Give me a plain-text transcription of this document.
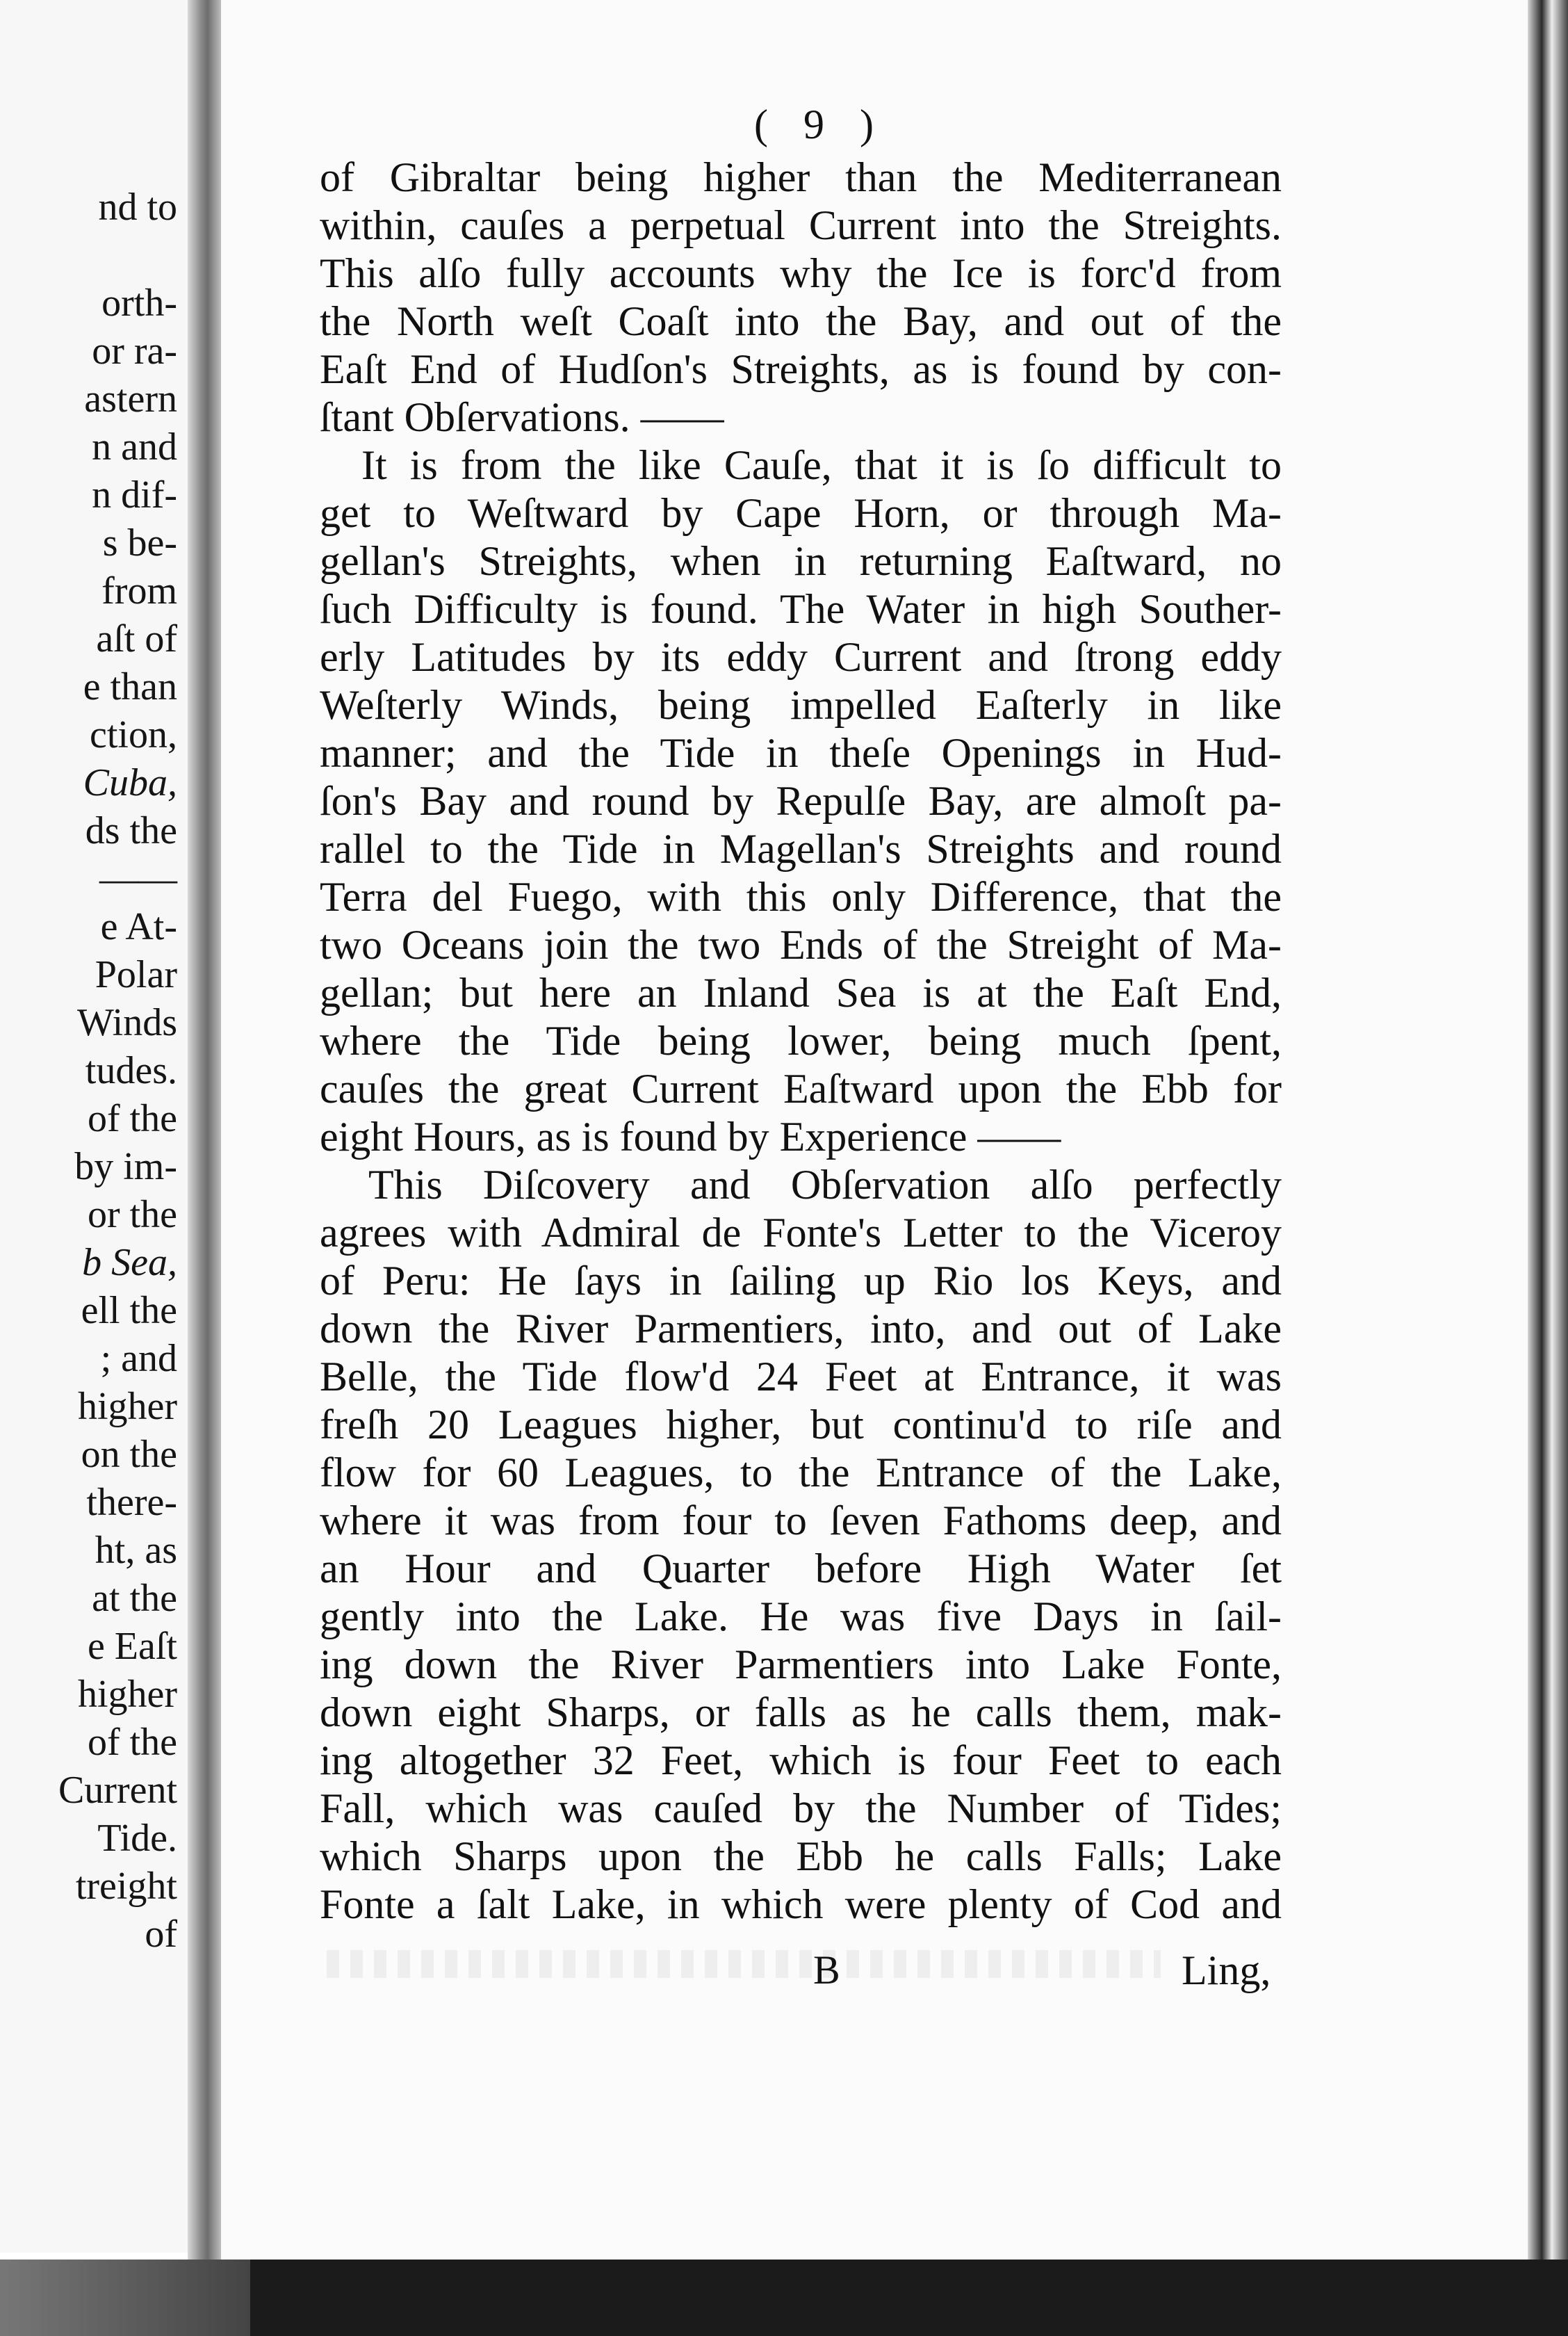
nd to
orth-
or ra-
astern
n and
n dif-
s be-
from
aſt of
e than
ction,
Cuba,
ds the
——
e At-
Polar
Winds
tudes.
of the
by im-
or the
b Sea,
ell the
; and
higher
on the
there-
ht, as
at the
e Eaſt
higher
of the
Current
Tide.
treight
of
( 9 )
of Gibraltar being higher than the Mediterranean
within, cauſes a perpetual Current into the Streights.
This alſo fully accounts why the Ice is forc'd from
the North weſt Coaſt into the Bay, and out of the
Eaſt End of Hudſon's Streights, as is found by con-
ſtant Obſervations. ——
It is from the like Cauſe, that it is ſo difficult to
get to Weſtward by Cape Horn, or through Ma-
gellan's Streights, when in returning Eaſtward, no
ſuch Difficulty is found. The Water in high Souther-
erly Latitudes by its eddy Current and ſtrong eddy
Weſterly Winds, being impelled Eaſterly in like
manner; and the Tide in theſe Openings in Hud-
ſon's Bay and round by Repulſe Bay, are almoſt pa-
rallel to the Tide in Magellan's Streights and round
Terra del Fuego, with this only Difference, that the
two Oceans join the two Ends of the Streight of Ma-
gellan; but here an Inland Sea is at the Eaſt End,
where the Tide being lower, being much ſpent,
cauſes the great Current Eaſtward upon the Ebb for
eight Hours, as is found by Experience ——
This Diſcovery and Obſervation alſo perfectly
agrees with Admiral de Fonte's Letter to the Viceroy
of Peru: He ſays in ſailing up Rio los Keys, and
down the River Parmentiers, into, and out of Lake
Belle, the Tide flow'd 24 Feet at Entrance, it was
freſh 20 Leagues higher, but continu'd to riſe and
flow for 60 Leagues, to the Entrance of the Lake,
where it was from four to ſeven Fathoms deep, and
an Hour and Quarter before High Water ſet
gently into the Lake. He was five Days in ſail-
ing down the River Parmentiers into Lake Fonte,
down eight Sharps, or falls as he calls them, mak-
ing altogether 32 Feet, which is four Feet to each
Fall, which was cauſed by the Number of Tides;
which Sharps upon the Ebb he calls Falls; Lake
Fonte a ſalt Lake, in which were plenty of Cod and
B	Ling,
